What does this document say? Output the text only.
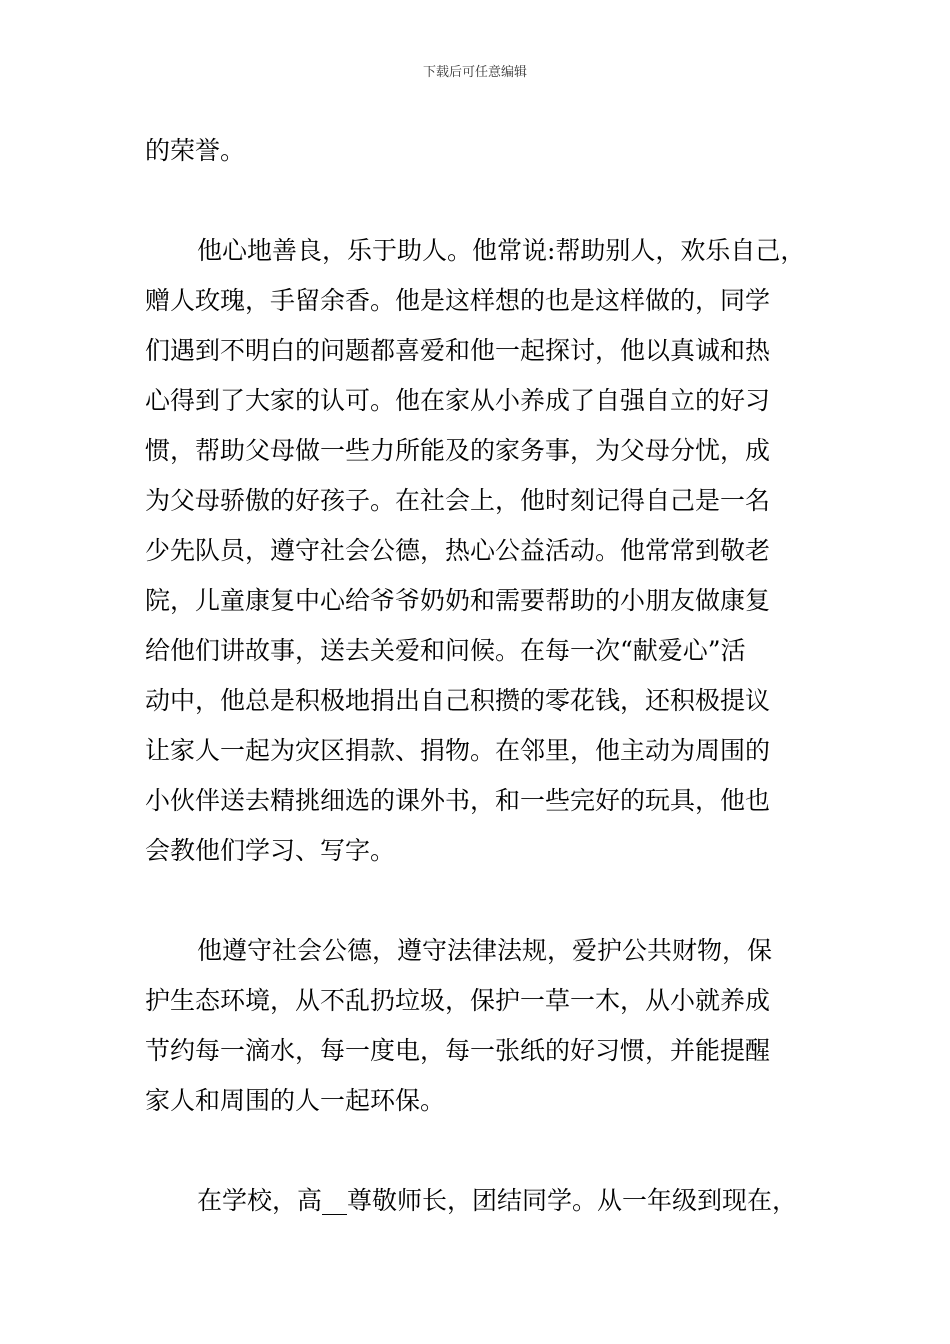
下载后可任意编辑

的荣誉。

他心地善良，乐于助人。他常说:帮助别人，欢乐自己，
赠人玫瑰，手留余香。他是这样想的也是这样做的，同学
们遇到不明白的问题都喜爱和他一起探讨，他以真诚和热
心得到了大家的认可。他在家从小养成了自强自立的好习
惯，帮助父母做一些力所能及的家务事，为父母分忧，成
为父母骄傲的好孩子。在社会上，他时刻记得自己是一名
少先队员，遵守社会公德，热心公益活动。他常常到敬老
院，儿童康复中心给爷爷奶奶和需要帮助的小朋友做康复
给他们讲故事，送去关爱和问候。在每一次“献爱心”活
动中，他总是积极地捐出自己积攒的零花钱，还积极提议
让家人一起为灾区捐款、捐物。在邻里，他主动为周围的
小伙伴送去精挑细选的课外书，和一些完好的玩具，他也
会教他们学习、写字。

他遵守社会公德，遵守法律法规，爱护公共财物，保
护生态环境，从不乱扔垃圾，保护一草一木，从小就养成
节约每一滴水，每一度电，每一张纸的好习惯，并能提醒
家人和周围的人一起环保。

在学校，高__尊敬师长，团结同学。从一年级到现在，
